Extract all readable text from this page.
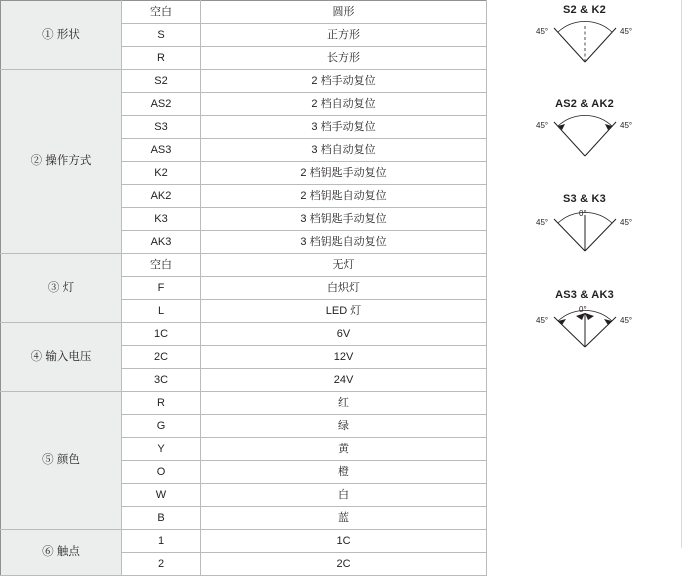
① 形状	空白	圆形
	S	正方形
	R	长方形
② 操作方式	S2	2 档手动复位
	AS2	2 档自动复位
	S3	3 档手动复位
	AS3	3 档自动复位
	K2	2 档钥匙手动复位
	AK2	2 档钥匙自动复位
	K3	3 档钥匙手动复位
	AK3	3 档钥匙自动复位
③ 灯	空白	无灯
	F	白炽灯
	L	LED 灯
④ 输入电压	1C	6V
	2C	12V
	3C	24V
⑤ 颜色	R	红
	G	绿
	Y	黄
	O	橙
	W	白
	B	蓝
⑥ 触点	1	1C
	2	2C
S2 & K2
45°	45°
AS2 & AK2
45°	45°
S3 & K3
45°	45°
0°
AS3 & AK3
45°	45°
0°
